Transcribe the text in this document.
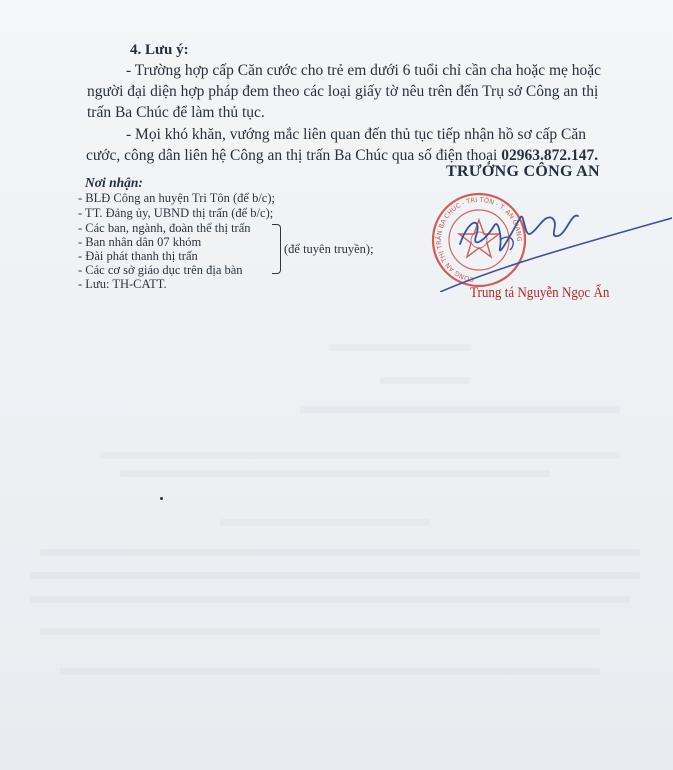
4. Lưu ý:
- Trường hợp cấp Căn cước cho trẻ em dưới 6 tuổi chỉ cần cha hoặc mẹ hoặc
người đại diện hợp pháp đem theo các loại giấy tờ nêu trên đến Trụ sở Công an thị
trấn Ba Chúc để làm thủ tục.
- Mọi khó khăn, vướng mắc liên quan đến thủ tục tiếp nhận hồ sơ cấp Căn
cước, công dân liên hệ Công an thị trấn Ba Chúc qua số điện thoại 02963.872.147.
Nơi nhận:
- BLĐ Công an huyện Tri Tôn (để b/c);
- TT. Đảng ủy, UBND thị trấn (để b/c);
- Các ban, ngành, đoàn thể thị trấn
- Ban nhân dân 07 khóm
- Đài phát thanh thị trấn
- Các cơ sở giáo dục trên địa bàn
- Lưu: TH-CATT.
(để tuyên truyền);
TRƯỞNG CÔNG AN
CÔNG AN THỊ TRẤN BA CHÚC - TRI TÔN - T. AN GIANG
Trung tá Nguyễn Ngọc Ẩn
